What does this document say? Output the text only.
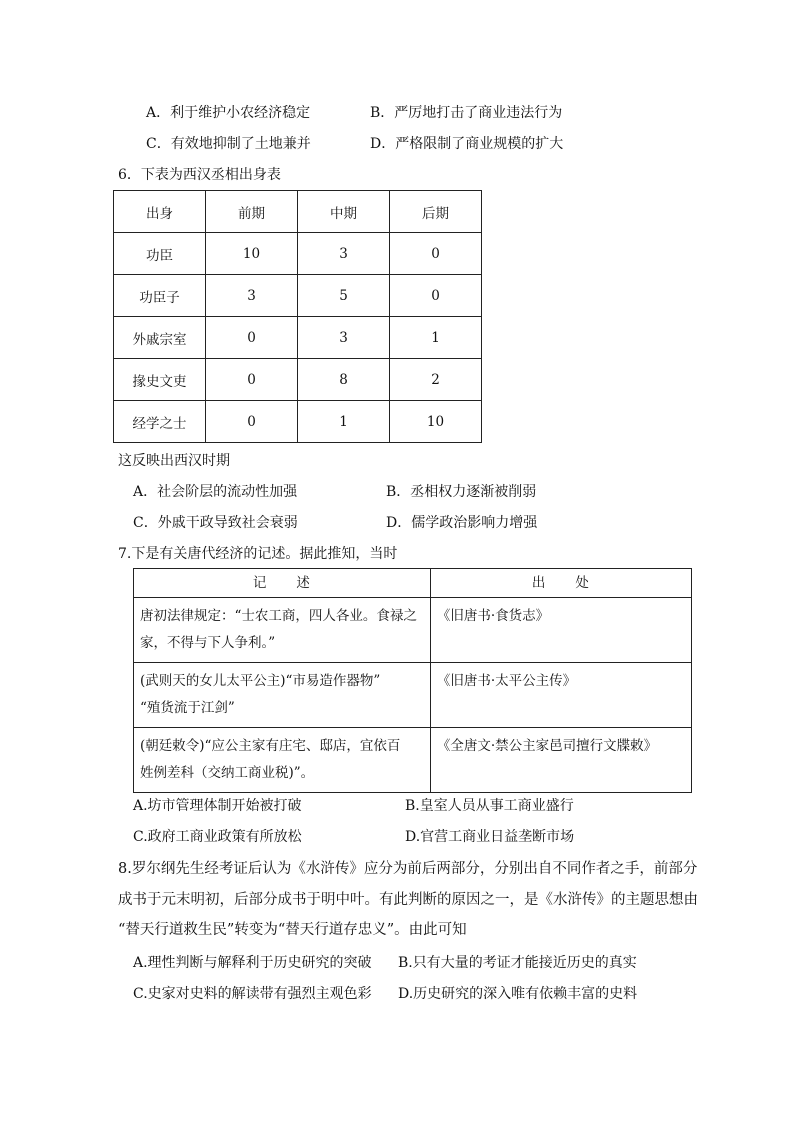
A．利于维护小农经济稳定	B．严厉地打击了商业违法行为
C．有效地抑制了土地兼并	D．严格限制了商业规模的扩大
6．下表为西汉丞相出身表
出身	前期	中期	后期
功臣	10	3	0
功臣子	3	5	0
外戚宗室	0	3	1
掾史文吏	0	8	2
经学之士	0	1	10
这反映出西汉时期
A．社会阶层的流动性加强	B．丞相权力逐渐被削弱
C．外戚干政导致社会衰弱	D．儒学政治影响力增强
7.下是有关唐代经济的记述。据此推知，当时
记　　述	出　　处

唐初法律规定：“士农工商，四人各业。食禄之
家，不得与下人争利。”	《旧唐书·食货志》

(武则天的女儿太平公主)“市易造作器物”
“殖货流于江剑”	《旧唐书·太平公主传》

(朝廷敕令)“应公主家有庄宅、邸店，宜依百
姓例差科（交纳工商业税)”。	《全唐文·禁公主家邑司擅行文牒敕》
A.坊市管理体制开始被打破	B.皇室人员从事工商业盛行
C.政府工商业政策有所放松	D.官营工商业日益垄断市场
8.罗尔纲先生经考证后认为《水浒传》应分为前后两部分，分别出自不同作者之手，前部分
成书于元末明初，后部分成书于明中叶。有此判断的原因之一，是《水浒传》的主题思想由
“替天行道救生民”转变为“替天行道存忠义”。由此可知
A.理性判断与解释利于历史研究的突破 B.只有大量的考证才能接近历史的真实
C.史家对史料的解读带有强烈主观色彩 D.历史研究的深入唯有依赖丰富的史料
